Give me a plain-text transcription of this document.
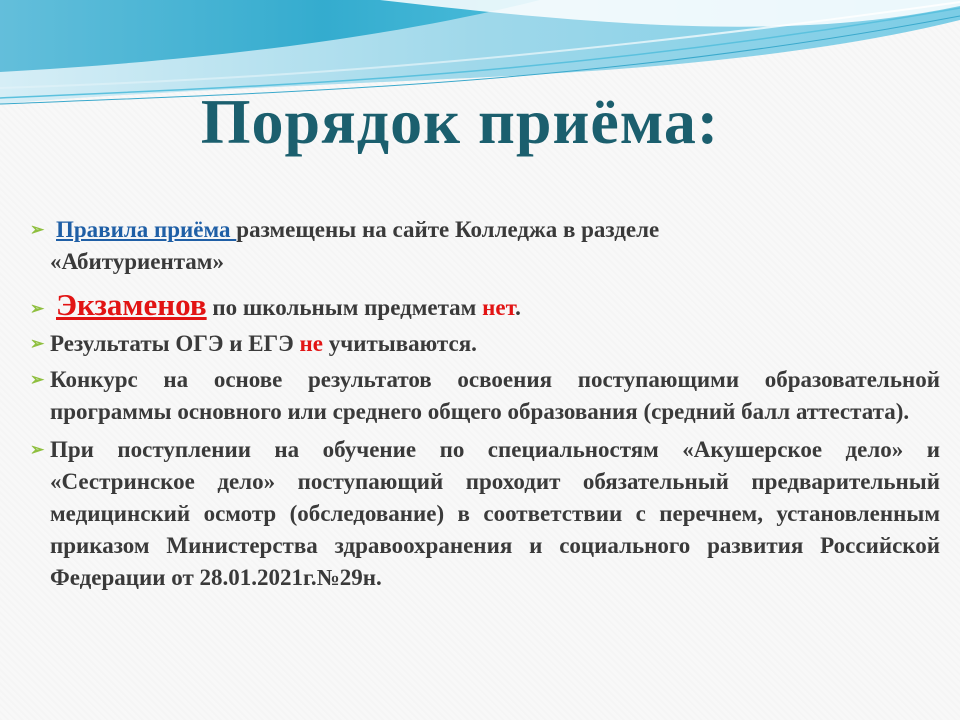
Порядок приёма:
➢ Правила приёма размещены на сайте Колледжа в разделе

«Абитуриентам»

➢ Экзаменов по школьным предметам нет.

➢ Результаты ОГЭ и ЕГЭ не учитываются.

➢ Конкурс на основе результатов освоения поступающими образовательной программы основного или среднего общего образования (средний балл аттестата).

➢ При поступлении на обучение по специальностям «Акушерское дело» и «Сестринское дело» поступающий проходит обязательный предварительный медицинский осмотр (обследование) в соответствии с перечнем, установленным приказом Министерства здравоохранения и социального развития Российской Федерации от 28.01.2021г.№29н.
